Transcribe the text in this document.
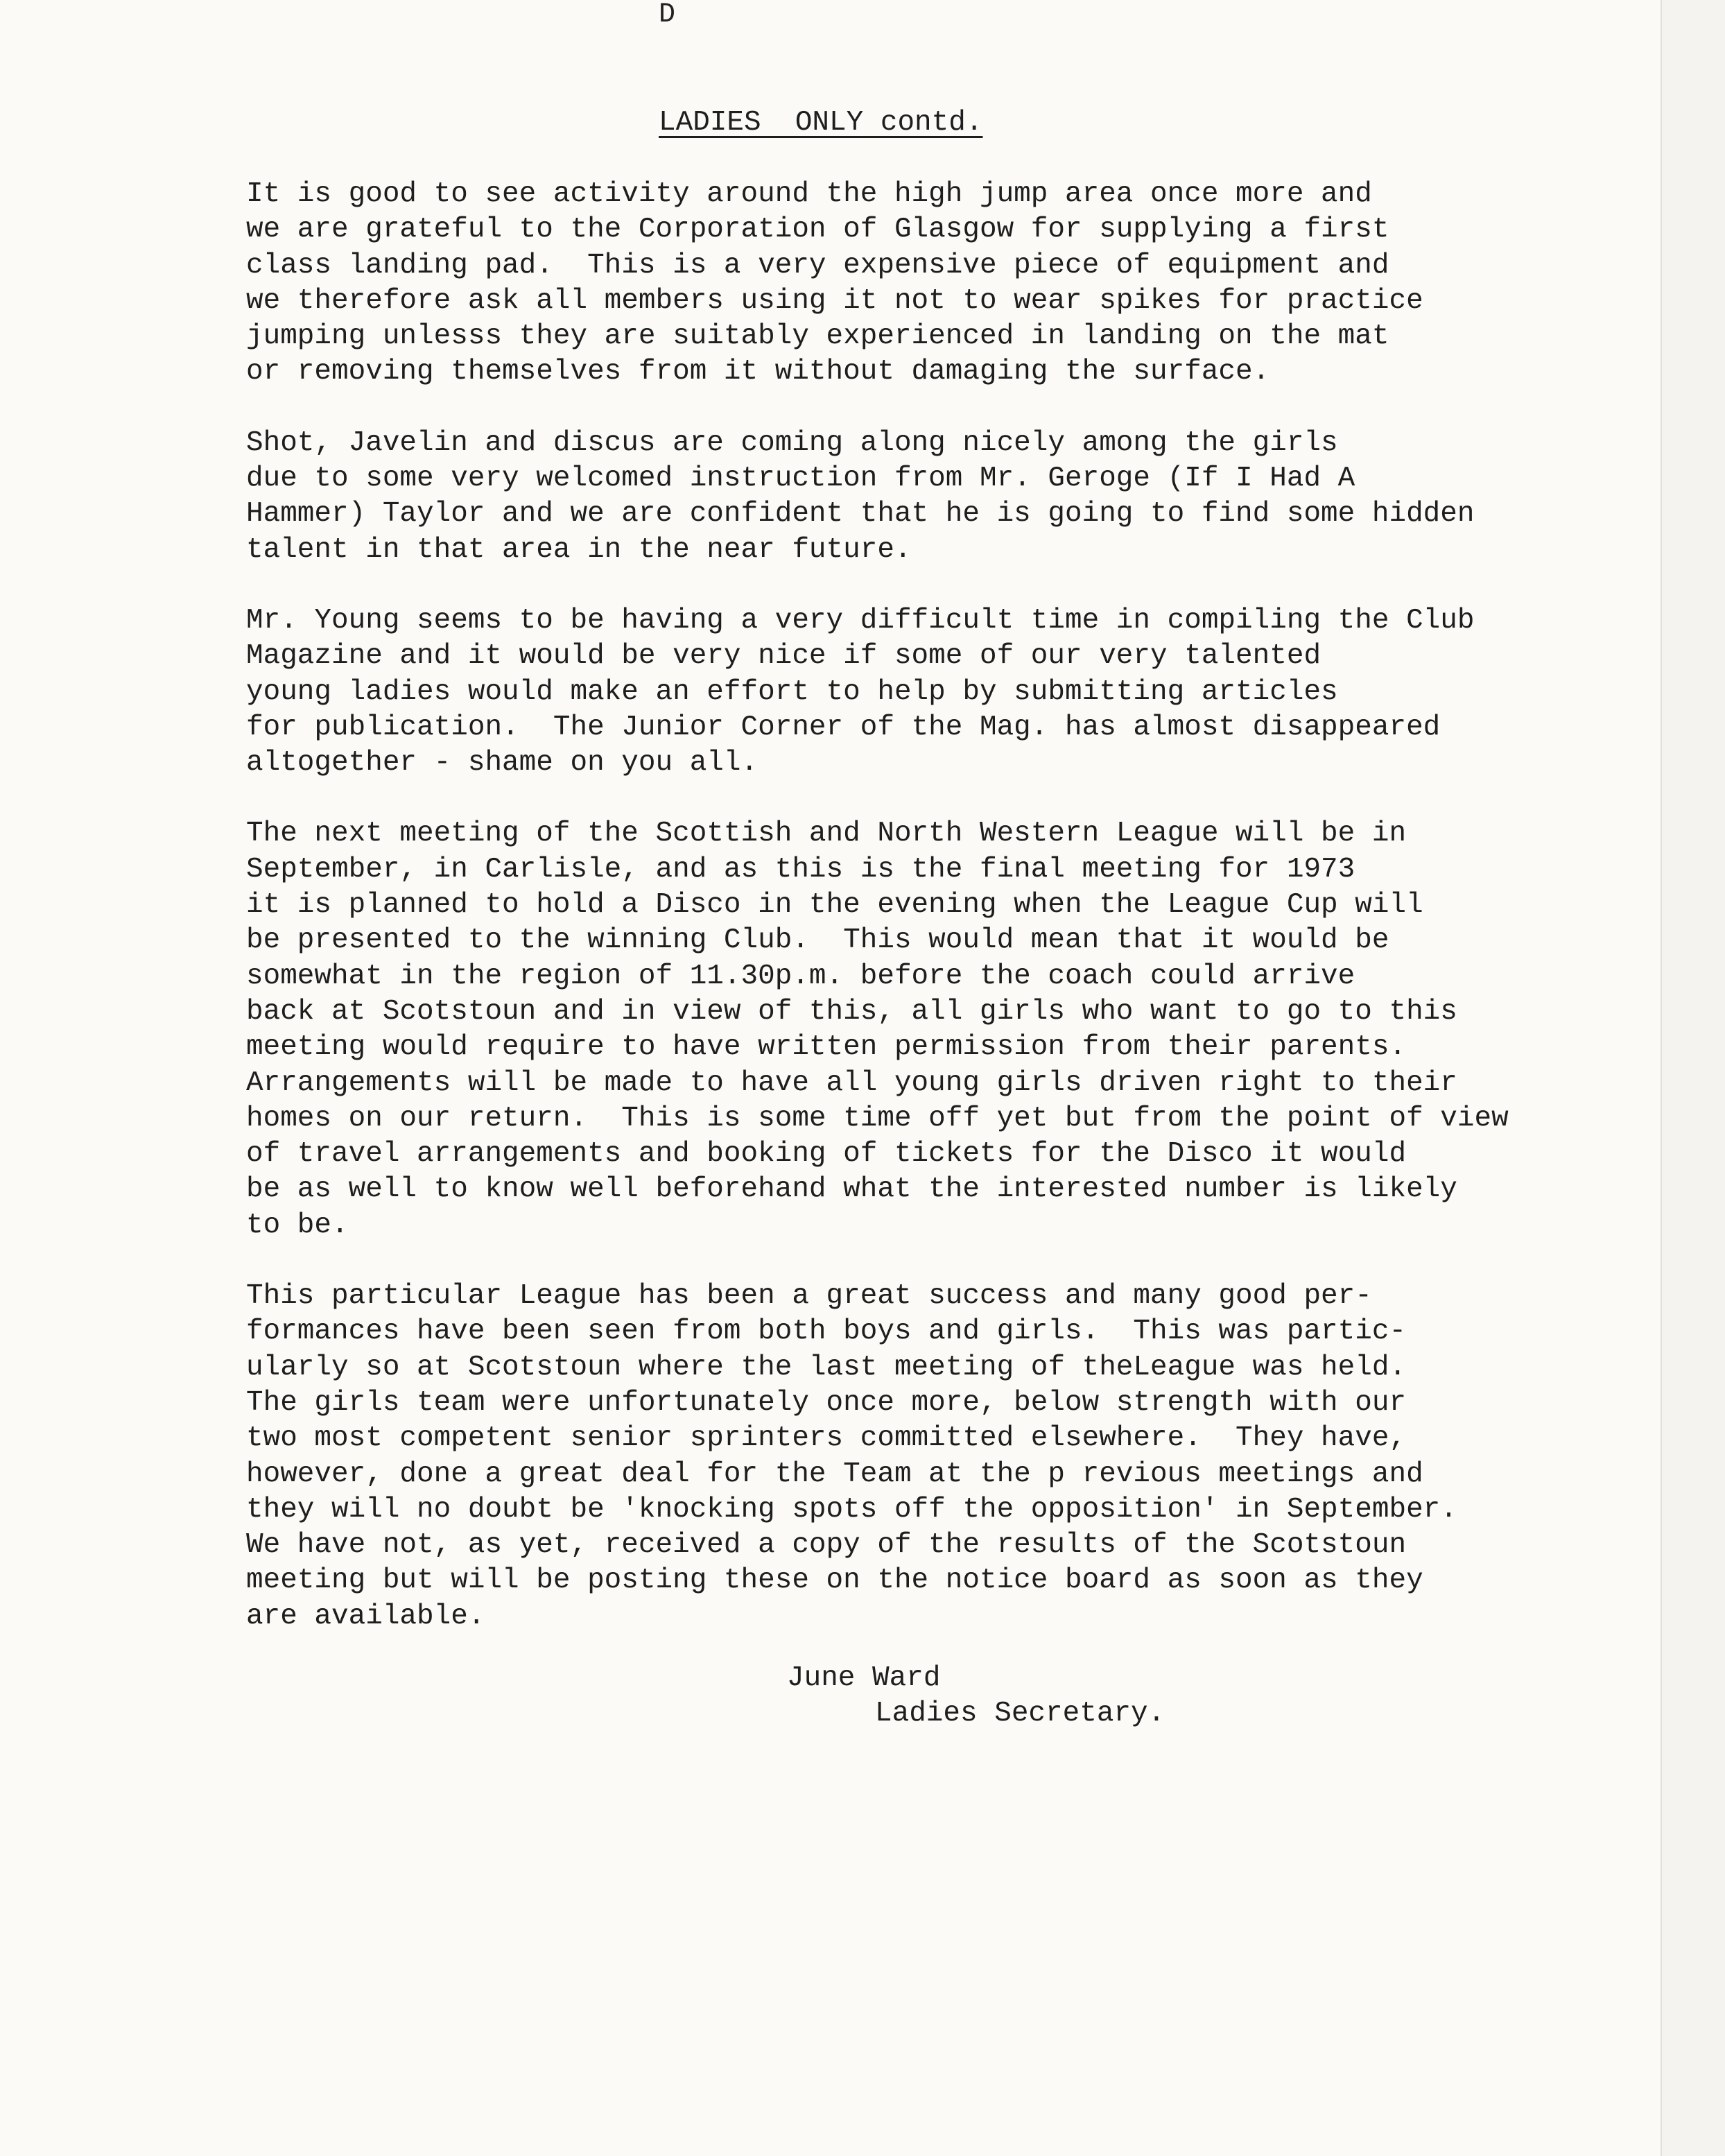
D
LADIES  ONLY contd.
It is good to see activity around the high jump area once more and
we are grateful to the Corporation of Glasgow for supplying a first
class landing pad.  This is a very expensive piece of equipment and
we therefore ask all members using it not to wear spikes for practice
jumping unlesss they are suitably experienced in landing on the mat
or removing themselves from it without damaging the surface.
Shot, Javelin and discus are coming along nicely among the girls
due to some very welcomed instruction from Mr. Geroge (If I Had A
Hammer) Taylor and we are confident that he is going to find some hidden
talent in that area in the near future.
Mr. Young seems to be having a very difficult time in compiling the Club
Magazine and it would be very nice if some of our very talented
young ladies would make an effort to help by submitting articles
for publication.  The Junior Corner of the Mag. has almost disappeared
altogether - shame on you all.
The next meeting of the Scottish and North Western League will be in
September, in Carlisle, and as this is the final meeting for 1973
it is planned to hold a Disco in the evening when the League Cup will
be presented to the winning Club.  This would mean that it would be
somewhat in the region of 11.30p.m. before the coach could arrive
back at Scotstoun and in view of this, all girls who want to go to this
meeting would require to have written permission from their parents.
Arrangements will be made to have all young girls driven right to their
homes on our return.  This is some time off yet but from the point of view
of travel arrangements and booking of tickets for the Disco it would
be as well to know well beforehand what the interested number is likely
to be.
This particular League has been a great success and many good per-
formances have been seen from both boys and girls.  This was partic-
ularly so at Scotstoun where the last meeting of theLeague was held.
The girls team were unfortunately once more, below strength with our
two most competent senior sprinters committed elsewhere.  They have,
however, done a great deal for the Team at the p revious meetings and
they will no doubt be 'knocking spots off the opposition' in September.
We have not, as yet, received a copy of the results of the Scotstoun
meeting but will be posting these on the notice board as soon as they
are available.
June Ward
Ladies Secretary.
